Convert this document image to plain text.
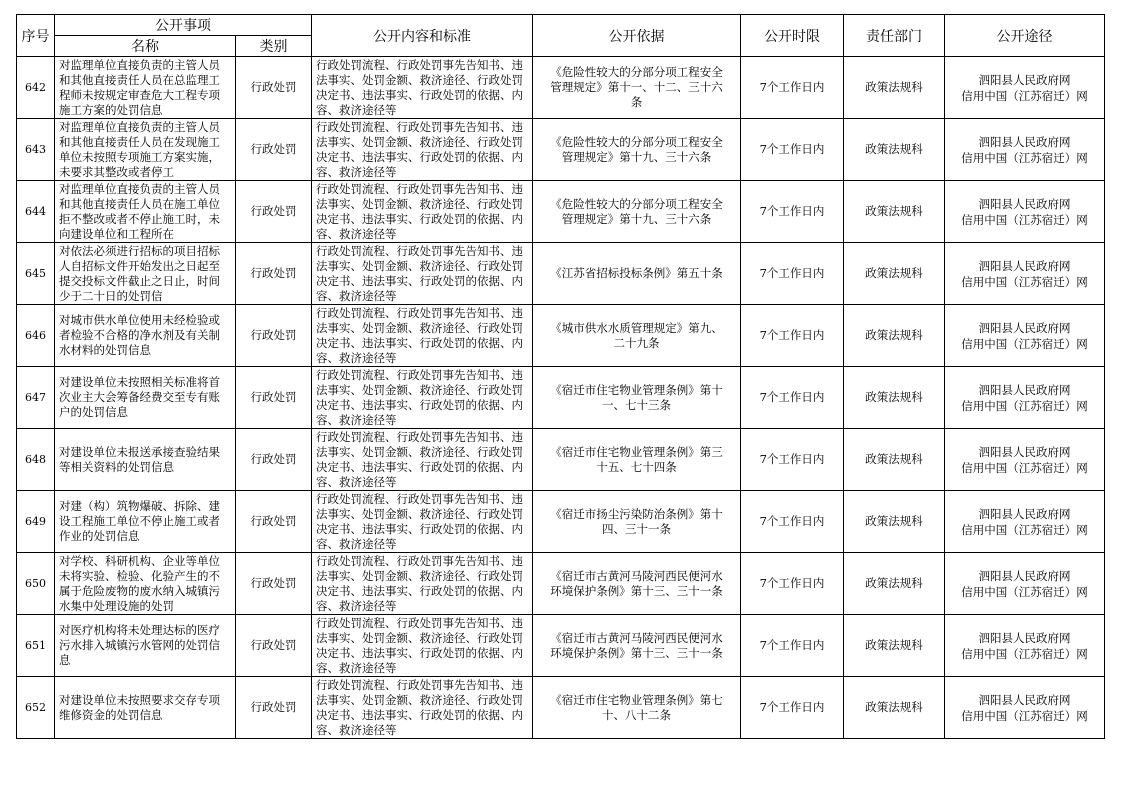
序号	公开事项		公开内容和标准	公开依据	公开时限	责任部门	公开途径
	名称	类别					

642	对监理单位直接负责的主管人员和其他直接责任人员在总监理工程师未按规定审查危大工程专项施工方案的处罚信息	行政处罚	行政处罚流程、行政处罚事先告知书、违法事实、处罚金额、救济途径、行政处罚决定书、违法事实、行政处罚的依据、内容、救济途径等	《危险性较大的分部分项工程安全管理规定》第十一、十二、三十六条	7个工作日内	政策法规科	泗阳县人民政府网
信用中国（江苏宿迁）网

643	对监理单位直接负责的主管人员和其他直接责任人员在发现施工单位未按照专项施工方案实施，未要求其整改或者停工	行政处罚	行政处罚流程、行政处罚事先告知书、违法事实、处罚金额、救济途径、行政处罚决定书、违法事实、行政处罚的依据、内容、救济途径等	《危险性较大的分部分项工程安全管理规定》第十九、三十六条	7个工作日内	政策法规科	泗阳县人民政府网
信用中国（江苏宿迁）网

644	对监理单位直接负责的主管人员和其他直接责任人员在施工单位拒不整改或者不停止施工时，未向建设单位和工程所在	行政处罚	行政处罚流程、行政处罚事先告知书、违法事实、处罚金额、救济途径、行政处罚决定书、违法事实、行政处罚的依据、内容、救济途径等	《危险性较大的分部分项工程安全管理规定》第十九、三十六条	7个工作日内	政策法规科	泗阳县人民政府网
信用中国（江苏宿迁）网

645	对依法必须进行招标的项目招标人自招标文件开始发出之日起至提交投标文件截止之日止，时间少于二十日的处罚信	行政处罚	行政处罚流程、行政处罚事先告知书、违法事实、处罚金额、救济途径、行政处罚决定书、违法事实、行政处罚的依据、内容、救济途径等	《江苏省招标投标条例》第五十条	7个工作日内	政策法规科	泗阳县人民政府网
信用中国（江苏宿迁）网

646	对城市供水单位使用未经检验或者检验不合格的净水剂及有关制水材料的处罚信息	行政处罚	行政处罚流程、行政处罚事先告知书、违法事实、处罚金额、救济途径、行政处罚决定书、违法事实、行政处罚的依据、内容、救济途径等	《城市供水水质管理规定》第九、二十九条	7个工作日内	政策法规科	泗阳县人民政府网
信用中国（江苏宿迁）网

647	对建设单位未按照相关标准将首次业主大会筹备经费交至专有账户的处罚信息	行政处罚	行政处罚流程、行政处罚事先告知书、违法事实、处罚金额、救济途径、行政处罚决定书、违法事实、行政处罚的依据、内容、救济途径等	《宿迁市住宅物业管理条例》第十一、七十三条	7个工作日内	政策法规科	泗阳县人民政府网
信用中国（江苏宿迁）网

648	对建设单位未报送承接查验结果等相关资料的处罚信息	行政处罚	行政处罚流程、行政处罚事先告知书、违法事实、处罚金额、救济途径、行政处罚决定书、违法事实、行政处罚的依据、内容、救济途径等	《宿迁市住宅物业管理条例》第三十五、七十四条	7个工作日内	政策法规科	泗阳县人民政府网
信用中国（江苏宿迁）网

649	对建（构）筑物爆破、拆除、建设工程施工单位不停止施工或者作业的处罚信息	行政处罚	行政处罚流程、行政处罚事先告知书、违法事实、处罚金额、救济途径、行政处罚决定书、违法事实、行政处罚的依据、内容、救济途径等	《宿迁市扬尘污染防治条例》第十四、三十一条	7个工作日内	政策法规科	泗阳县人民政府网
信用中国（江苏宿迁）网

650	对学校、科研机构、企业等单位未将实验、检验、化验产生的不属于危险废物的废水纳入城镇污水集中处理设施的处罚	行政处罚	行政处罚流程、行政处罚事先告知书、违法事实、处罚金额、救济途径、行政处罚决定书、违法事实、行政处罚的依据、内容、救济途径等	《宿迁市古黄河马陵河西民便河水环境保护条例》第十三、三十一条	7个工作日内	政策法规科	泗阳县人民政府网
信用中国（江苏宿迁）网

651	对医疗机构将未处理达标的医疗污水排入城镇污水管网的处罚信息	行政处罚	行政处罚流程、行政处罚事先告知书、违法事实、处罚金额、救济途径、行政处罚决定书、违法事实、行政处罚的依据、内容、救济途径等	《宿迁市古黄河马陵河西民便河水环境保护条例》第十三、三十一条	7个工作日内	政策法规科	泗阳县人民政府网
信用中国（江苏宿迁）网

652	对建设单位未按照要求交存专项维修资金的处罚信息	行政处罚	行政处罚流程、行政处罚事先告知书、违法事实、处罚金额、救济途径、行政处罚决定书、违法事实、行政处罚的依据、内容、救济途径等	《宿迁市住宅物业管理条例》第七十、八十二条	7个工作日内	政策法规科	泗阳县人民政府网
信用中国（江苏宿迁）网
